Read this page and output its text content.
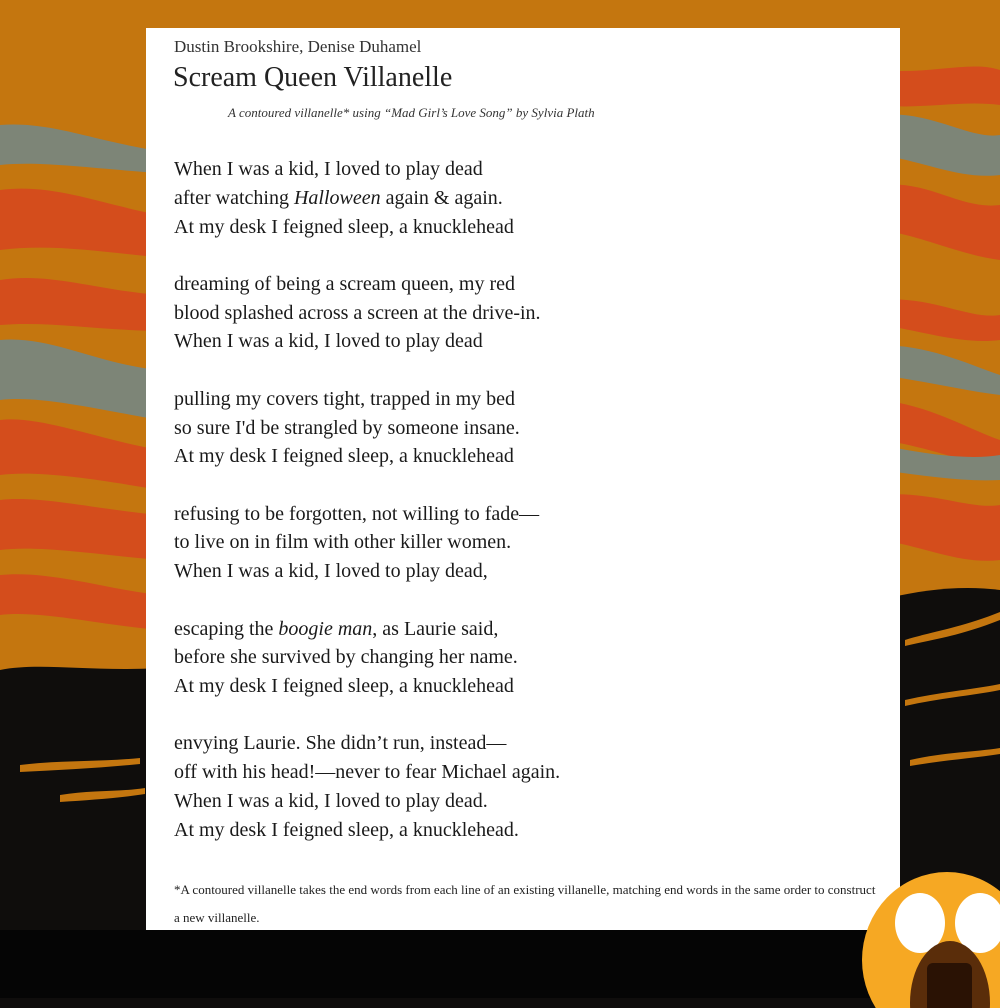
Dustin Brookshire, Denise Duhamel
Scream Queen Villanelle
A contoured villanelle* using “Mad Girl’s Love Song” by Sylvia Plath
When I was a kid, I loved to play dead
after watching Halloween again & again.
At my desk I feigned sleep, a knucklehead
dreaming of being a scream queen, my red
blood splashed across a screen at the drive-in.
When I was a kid, I loved to play dead
pulling my covers tight, trapped in my bed
so sure I'd be strangled by someone insane.
At my desk I feigned sleep, a knucklehead
refusing to be forgotten, not willing to fade—
to live on in film with other killer women.
When I was a kid, I loved to play dead,
escaping the boogie man, as Laurie said,
before she survived by changing her name.
At my desk I feigned sleep, a knucklehead
envying Laurie. She didn’t run, instead—
off with his head!—never to fear Michael again.
When I was a kid, I loved to play dead.
At my desk I feigned sleep, a knucklehead.
*A contoured villanelle takes the end words from each line of an existing villanelle, matching end words in the same order to construct a new villanelle.
